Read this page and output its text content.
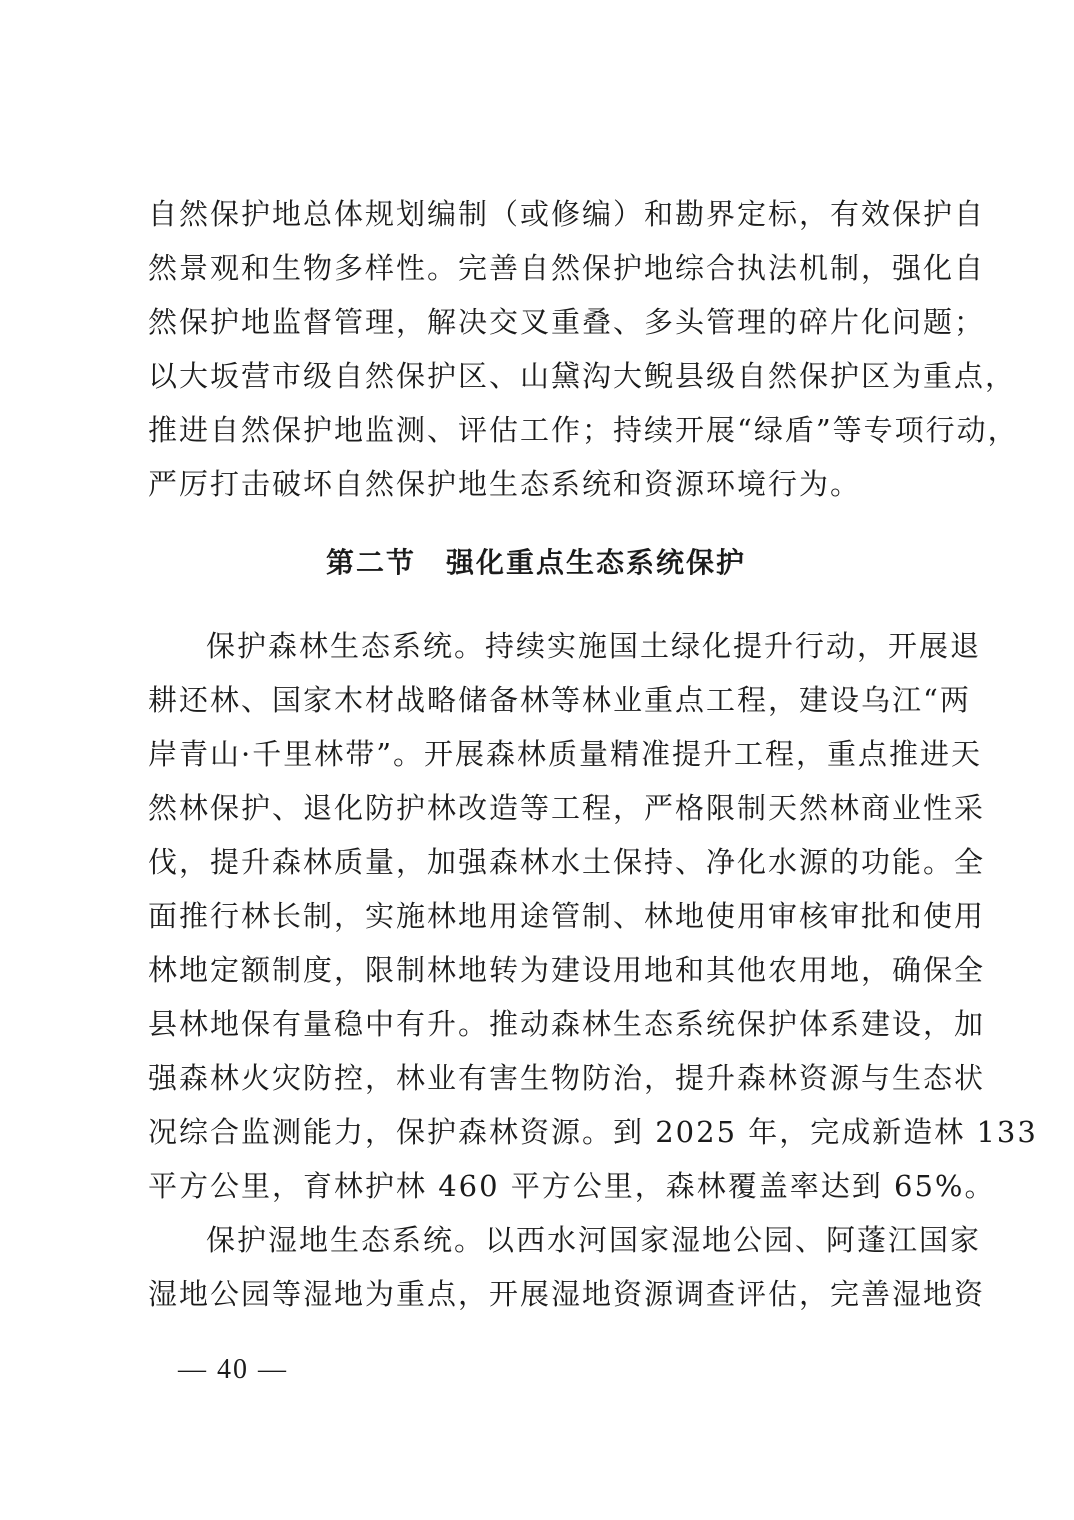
自然保护地总体规划编制（或修编）和勘界定标，有效保护自
然景观和生物多样性。完善自然保护地综合执法机制，强化自
然保护地监督管理，解决交叉重叠、多头管理的碎片化问题；
以大坂营市级自然保护区、山黛沟大鲵县级自然保护区为重点，
推进自然保护地监测、评估工作；持续开展“绿盾”等专项行动，
严厉打击破坏自然保护地生态系统和资源环境行为。
第二节 强化重点生态系统保护
保护森林生态系统。持续实施国土绿化提升行动，开展退
耕还林、国家木材战略储备林等林业重点工程，建设乌江“两
岸青山·千里林带”。开展森林质量精准提升工程，重点推进天
然林保护、退化防护林改造等工程，严格限制天然林商业性采
伐，提升森林质量，加强森林水土保持、净化水源的功能。全
面推行林长制，实施林地用途管制、林地使用审核审批和使用
林地定额制度，限制林地转为建设用地和其他农用地，确保全
县林地保有量稳中有升。推动森林生态系统保护体系建设，加
强森林火灾防控，林业有害生物防治，提升森林资源与生态状
况综合监测能力，保护森林资源。到 2025 年，完成新造林 133
平方公里，育林护林 460 平方公里，森林覆盖率达到 65%。
保护湿地生态系统。以西水河国家湿地公园、阿蓬江国家
湿地公园等湿地为重点，开展湿地资源调查评估，完善湿地资
— 40 —
